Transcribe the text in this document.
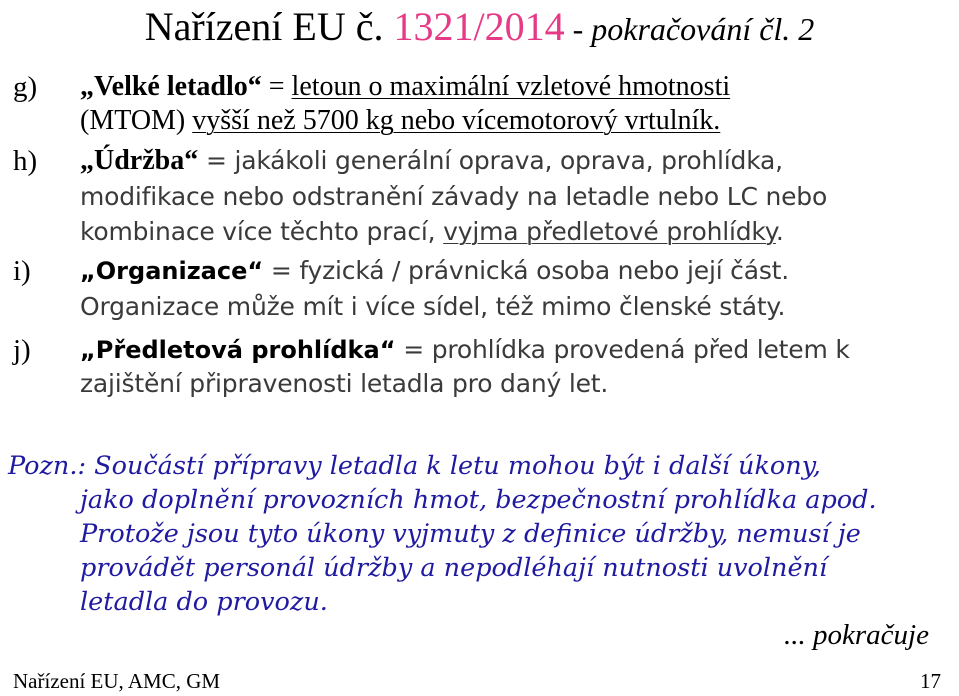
Nařízení EU č. 1321/2014 - pokračování čl. 2
g) „Velké letadlo“ = letoun o maximální vzletové hmotnosti
(MTOM) vyšší než 5700 kg nebo vícemotorový vrtulník.
h) „Údržba“ = jakákoli generální oprava, oprava, prohlídka,
modifikace nebo odstranění závady na letadle nebo LC nebo
kombinace více těchto prací, vyjma předletové prohlídky.
i) „Organizace“ = fyzická / právnická osoba nebo její část.
Organizace může mít i více sídel, též mimo členské státy.
j) „Předletová prohlídka“ = prohlídka provedená před letem k
zajištění připravenosti letadla pro daný let.
Pozn.: Součástí přípravy letadla k letu mohou být i další úkony,
jako doplnění provozních hmot, bezpečnostní prohlídka apod.
Protože jsou tyto úkony vyjmuty z definice údržby, nemusí je
provádět personál údržby a nepodléhají nutnosti uvolnění
letadla do provozu.
... pokračuje
Nařízení EU, AMC, GM	17
